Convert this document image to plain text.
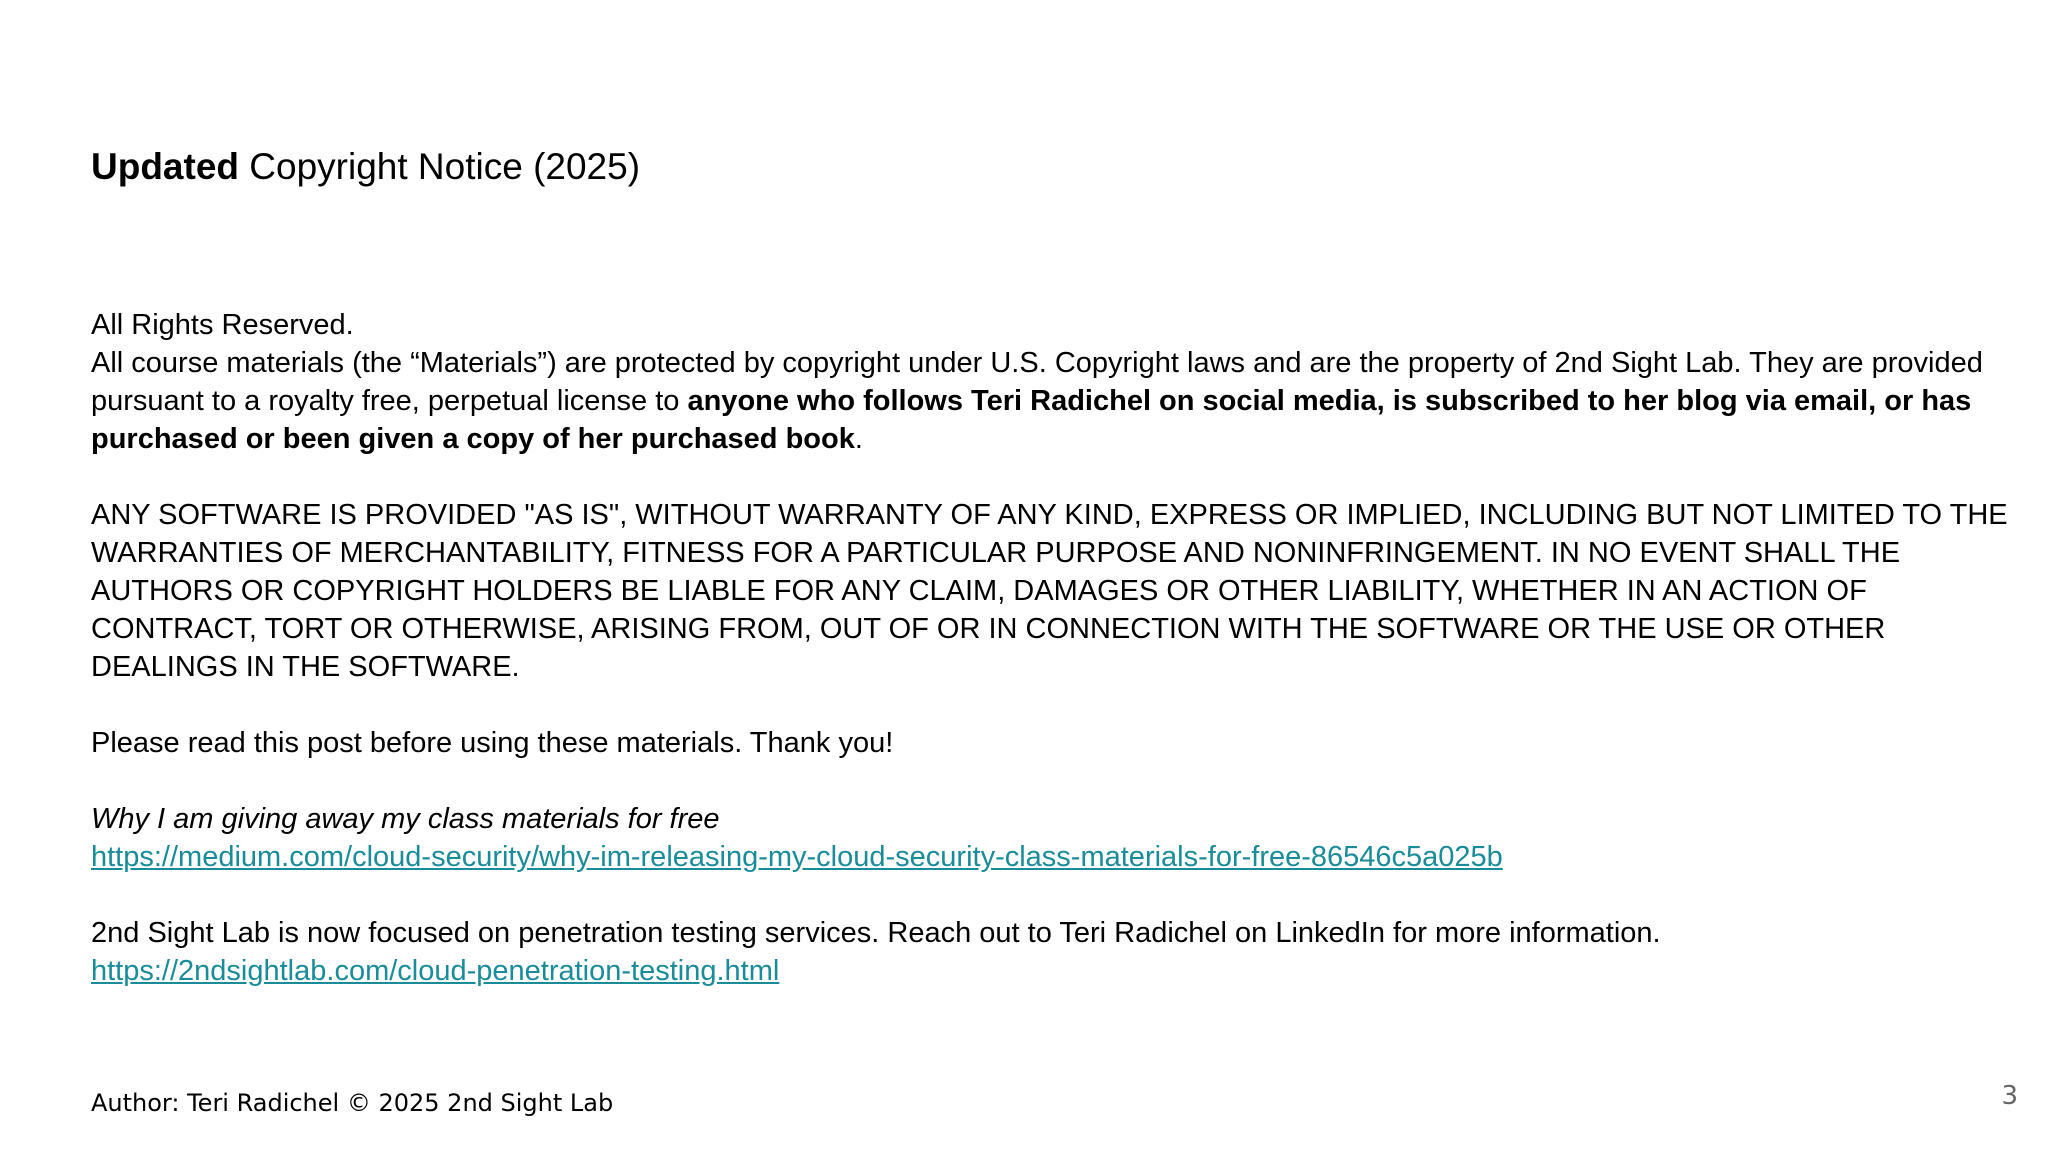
Updated Copyright Notice (2025)

All Rights Reserved.

All course materials (the “Materials”) are protected by copyright under U.S. Copyright laws and are the property of 2nd Sight Lab. They are provided pursuant to a royalty free, perpetual license to anyone who follows Teri Radichel on social media, is subscribed to her blog via email, or has purchased or been given a copy of her purchased book.

ANY SOFTWARE IS PROVIDED "AS IS", WITHOUT WARRANTY OF ANY KIND, EXPRESS OR IMPLIED, INCLUDING BUT NOT LIMITED TO THE WARRANTIES OF MERCHANTABILITY, FITNESS FOR A PARTICULAR PURPOSE AND NONINFRINGEMENT. IN NO EVENT SHALL THE AUTHORS OR COPYRIGHT HOLDERS BE LIABLE FOR ANY CLAIM, DAMAGES OR OTHER LIABILITY, WHETHER IN AN ACTION OF CONTRACT, TORT OR OTHERWISE, ARISING FROM, OUT OF OR IN CONNECTION WITH THE SOFTWARE OR THE USE OR OTHER DEALINGS IN THE SOFTWARE.

Please read this post before using these materials. Thank you!

Why I am giving away my class materials for free

https://medium.com/cloud-security/why-im-releasing-my-cloud-security-class-materials-for-free-86546c5a025b

2nd Sight Lab is now focused on penetration testing services. Reach out to Teri Radichel on LinkedIn for more information.

https://2ndsightlab.com/cloud-penetration-testing.html

Author: Teri Radichel © 2025 2nd Sight Lab	3
